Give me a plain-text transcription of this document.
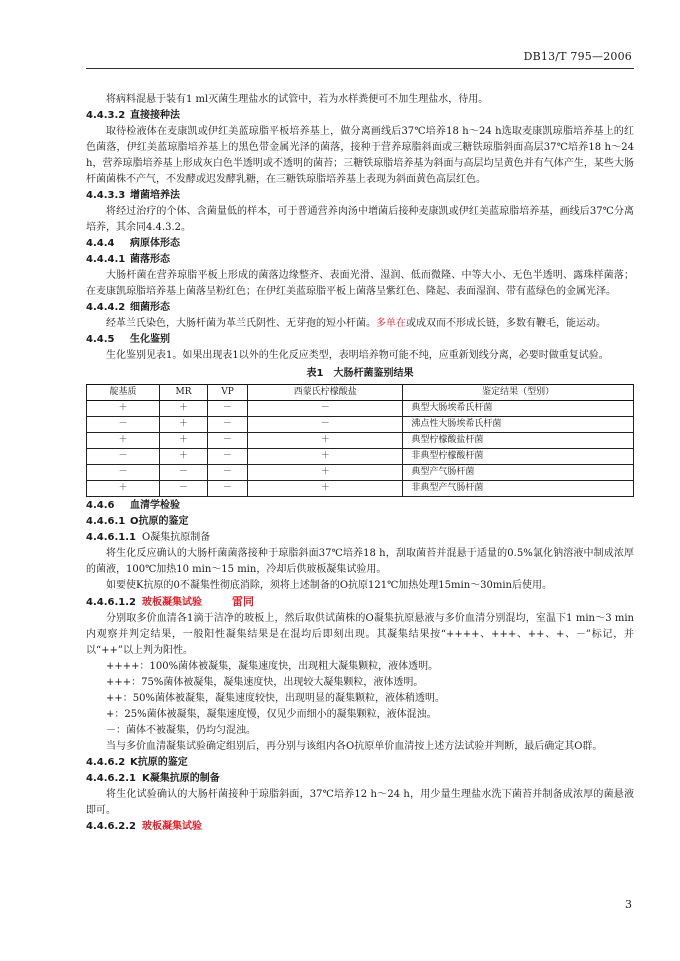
DB13/T 795—2006

将病料混悬于装有1 ml灭菌生理盐水的试管中，若为水样粪便可不加生理盐水，待用。

4.4.3.2 直接接种法

取待检液体在麦康凯或伊红美蓝琼脂平板培养基上，做分离画线后37℃培养18 h～24 h选取麦康凯琼脂培养基上的红色菌落，伊红美蓝琼脂培养基上的黑色带金属光泽的菌落，接种于营养琼脂斜面或三糖铁琼脂斜面高层37℃培养18 h～24 h，营养琼脂培养基上形成灰白色半透明或不透明的菌苔；三糖铁琼脂培养基为斜面与高层均呈黄色并有气体产生，某些大肠杆菌菌株不产气，不发酵或迟发酵乳糖，在三糖铁琼脂培养基上表现为斜面黄色高层红色。

4.4.3.3 增菌培养法

将经过治疗的个体、含菌量低的样本，可于普通营养肉汤中增菌后接种麦康凯或伊红美蓝琼脂培养基，画线后37℃分离培养，其余同4.4.3.2。

4.4.4 病原体形态

4.4.4.1 菌落形态

大肠杆菌在营养琼脂平板上形成的菌落边缘整齐、表面光滑、湿润、低而微隆、中等大小、无色半透明、露珠样菌落；在麦康凯琼脂培养基上菌落呈粉红色；在伊红美蓝琼脂平板上菌落呈紫红色、隆起、表面湿润、带有蓝绿色的金属光泽。

4.4.4.2 细菌形态

经革兰氏染色，大肠杆菌为革兰氏阴性、无芽孢的短小杆菌。多单在或成双而不形成长链，多数有鞭毛，能运动。

4.4.5 生化鉴别

生化鉴别见表1。如果出现表1以外的生化反应类型，表明培养物可能不纯，应重新划线分离，必要时做重复试验。

表1　大肠杆菌鉴别结果

靛基质	MR	VP	西蒙氏柠檬酸盐	鉴定结果（型别）
＋	＋	－	－	典型大肠埃希氏杆菌
－	＋	－	－	沸点性大肠埃希氏杆菌
＋	＋	－	＋	典型柠檬酸盐杆菌
－	＋	－	＋	非典型柠檬酸杆菌
－	－	－	＋	典型产气肠杆菌
＋	－	－	＋	非典型产气肠杆菌

4.4.6 血清学检验

4.4.6.1 O抗原的鉴定

4.4.6.1.1 O凝集抗原制备

将生化反应确认的大肠杆菌菌落接种于琼脂斜面37℃培养18 h，刮取菌苔并混悬于适量的0.5%氯化钠溶液中制成浓厚的菌液，100℃加热10 min～15 min，冷却后供玻板凝集试验用。

如要使K抗原的0不凝集性彻底消除，须将上述制备的O抗原121℃加热处理15min～30min后使用。

4.4.6.1.2 玻板凝集试验	雷同

分别取多价血清各1滴于洁净的玻板上，然后取供试菌株的O凝集抗原悬液与多价血清分别混均，室温下1 min～3 min内观察并判定结果，一般阳性凝集结果是在混均后即刻出现。其凝集结果按“++++、+++、++、+、－”标记，并以“++”以上判为阳性。

++++：100%菌体被凝集，凝集速度快，出现粗大凝集颗粒，液体透明。

+++：75%菌体被凝集，凝集速度快，出现较大凝集颗粒，液体透明。

++：50%菌体被凝集，凝集速度较快，出现明显的凝集颗粒，液体稍透明。

+：25%菌体被凝集，凝集速度慢，仅见少而细小的凝集颗粒，液体混浊。

－：菌体不被凝集，仍均匀混浊。

当与多价血清凝集试验确定组别后，再分别与该组内各O抗原单价血清按上述方法试验并判断，最后确定其O群。

4.4.6.2 K抗原的鉴定

4.4.6.2.1 K凝集抗原的制备

将生化试验确认的大肠杆菌接种于琼脂斜面，37℃培养12 h～24 h，用少量生理盐水洗下菌苔并制备成浓厚的菌悬液即可。

4.4.6.2.2 玻板凝集试验

3
